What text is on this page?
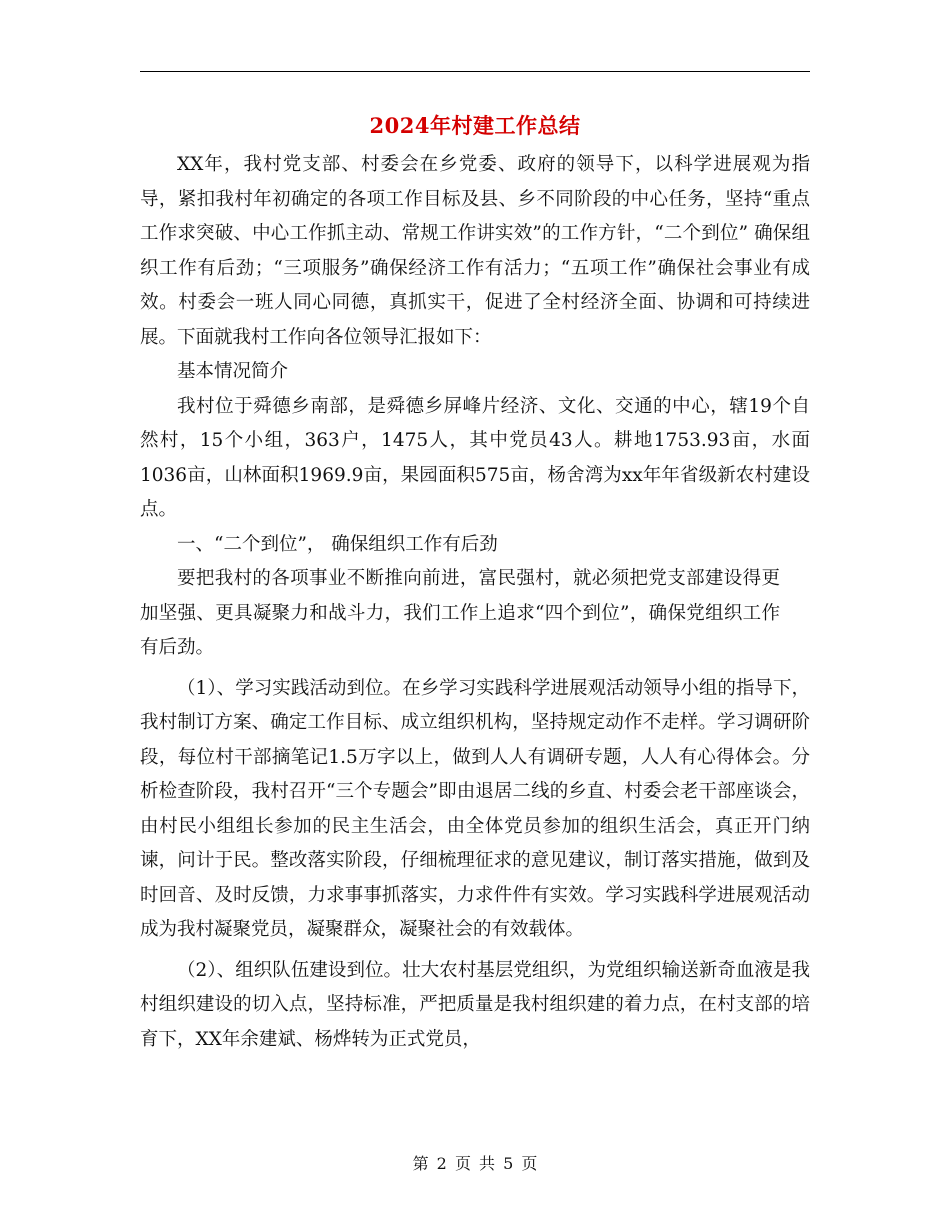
2024年村建工作总结

XX年，我村党支部、村委会在乡党委、政府的领导下，以科学进展观为指导，紧扣我村年初确定的各项工作目标及县、乡不同阶段的中心任务，坚持“重点工作求突破、中心工作抓主动、常规工作讲实效”的工作方针，“二个到位” 确保组织工作有后劲；“三项服务”确保经济工作有活力；“五项工作”确保社会事业有成效。村委会一班人同心同德，真抓实干，促进了全村经济全面、协调和可持续进展。下面就我村工作向各位领导汇报如下：

基本情况简介

我村位于舜德乡南部，是舜德乡屏峰片经济、文化、交通的中心，辖19个自然村，15个小组，363户，1475人，其中党员43人。耕地1753.93亩，水面1036亩，山林面积1969.9亩，果园面积575亩，杨舍湾为xx年年省级新农村建设点。

一、“二个到位”， 确保组织工作有后劲

要把我村的各项事业不断推向前进，富民强村，就必须把党支部建设得更加坚强、更具凝聚力和战斗力，我们工作上追求“四个到位”，确保党组织工作有后劲。

（1）、学习实践活动到位。在乡学习实践科学进展观活动领导小组的指导下，我村制订方案、确定工作目标、成立组织机构，坚持规定动作不走样。学习调研阶段，每位村干部摘笔记1.5万字以上，做到人人有调研专题，人人有心得体会。分析检查阶段，我村召开“三个专题会”即由退居二线的乡直、村委会老干部座谈会，由村民小组组长参加的民主生活会，由全体党员参加的组织生活会，真正开门纳谏，问计于民。整改落实阶段，仔细梳理征求的意见建议，制订落实措施，做到及时回音、及时反馈，力求事事抓落实，力求件件有实效。学习实践科学进展观活动成为我村凝聚党员，凝聚群众，凝聚社会的有效载体。

（2）、组织队伍建设到位。壮大农村基层党组织，为党组织输送新奇血液是我村组织建设的切入点，坚持标准，严把质量是我村组织建的着力点，在村支部的培育下，XX年余建斌、杨烨转为正式党员，

第 2 页 共 5 页
